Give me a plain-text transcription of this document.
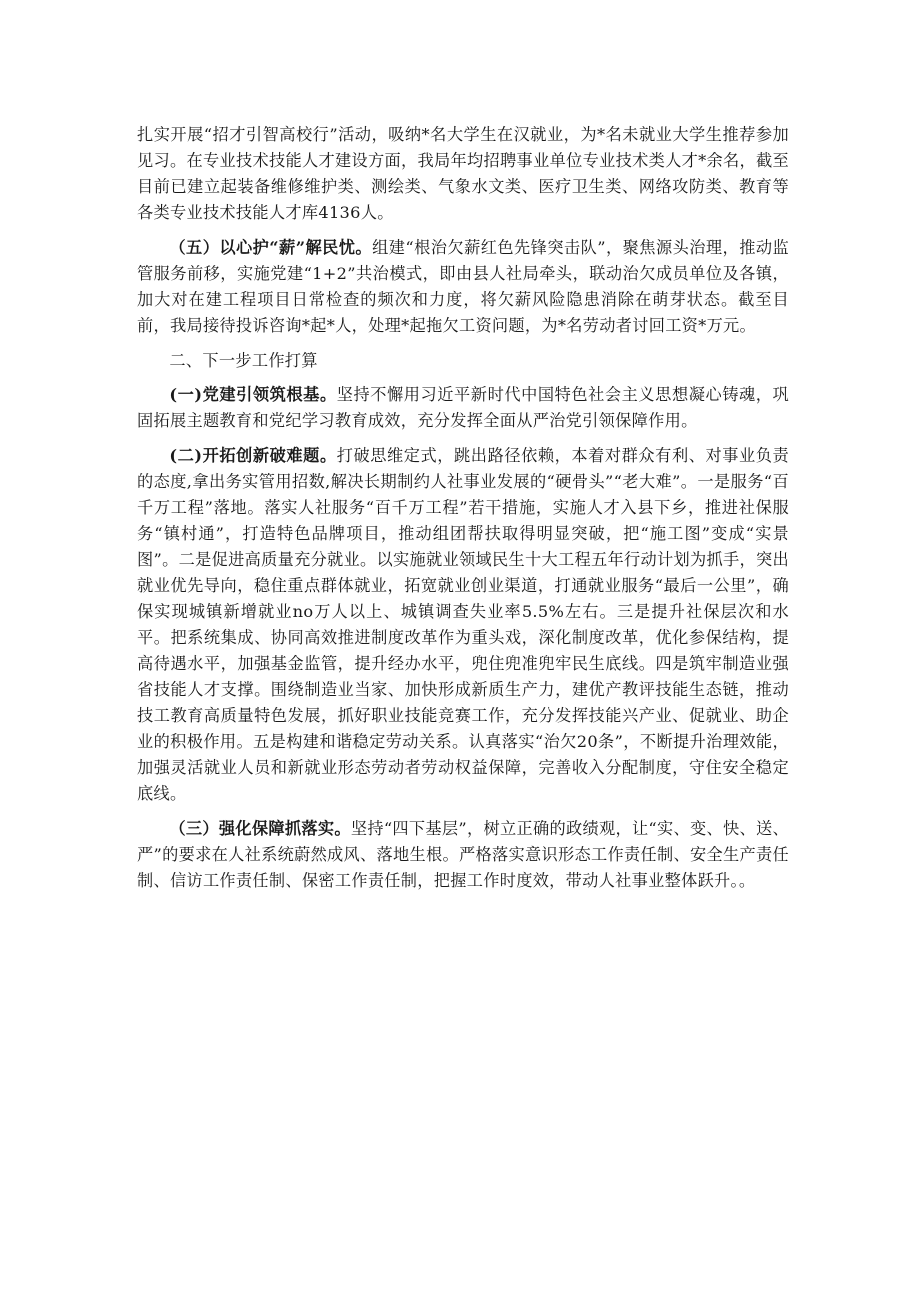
扎实开展“招才引智高校行”活动，吸纳*名大学生在汉就业，为*名未就业大学生推荐参加见习。在专业技术技能人才建设方面，我局年均招聘事业单位专业技术类人才*余名，截至目前已建立起装备维修维护类、测绘类、气象水文类、医疗卫生类、网络攻防类、教育等各类专业技术技能人才库4136人。

（五）以心护“薪”解民忧。组建“根治欠薪红色先锋突击队”，聚焦源头治理，推动监管服务前移，实施党建“1+2”共治模式，即由县人社局牵头，联动治欠成员单位及各镇，加大对在建工程项目日常检查的频次和力度，将欠薪风险隐患消除在萌芽状态。截至目前，我局接待投诉咨询*起*人，处理*起拖欠工资问题，为*名劳动者讨回工资*万元。

二、下一步工作打算

(一)党建引领筑根基。坚持不懈用习近平新时代中国特色社会主义思想凝心铸魂，巩固拓展主题教育和党纪学习教育成效，充分发挥全面从严治党引领保障作用。

(二)开拓创新破难题。打破思维定式，跳出路径依赖，本着对群众有利、对事业负责的态度,拿出务实管用招数,解决长期制约人社事业发展的“硬骨头”“老大难”。一是服务“百千万工程”落地。落实人社服务“百千万工程”若干措施，实施人才入县下乡，推进社保服务“镇村通”，打造特色品牌项目，推动组团帮扶取得明显突破，把“施工图”变成“实景图”。二是促进高质量充分就业。以实施就业领域民生十大工程五年行动计划为抓手，突出就业优先导向，稳住重点群体就业，拓宽就业创业渠道，打通就业服务“最后一公里”，确保实现城镇新增就业no万人以上、城镇调查失业率5.5%左右。三是提升社保层次和水平。把系统集成、协同高效推进制度改革作为重头戏，深化制度改革，优化参保结构，提高待遇水平，加强基金监管，提升经办水平，兜住兜准兜牢民生底线。四是筑牢制造业强省技能人才支撑。围绕制造业当家、加快形成新质生产力，建优产教评技能生态链，推动技工教育高质量特色发展，抓好职业技能竞赛工作，充分发挥技能兴产业、促就业、助企业的积极作用。五是构建和谐稳定劳动关系。认真落实“治欠20条”，不断提升治理效能，加强灵活就业人员和新就业形态劳动者劳动权益保障，完善收入分配制度，守住安全稳定底线。

（三）强化保障抓落实。坚持“四下基层”，树立正确的政绩观，让“实、变、快、送、严”的要求在人社系统蔚然成风、落地生根。严格落实意识形态工作责任制、安全生产责任制、信访工作责任制、保密工作责任制，把握工作时度效，带动人社事业整体跃升。。
